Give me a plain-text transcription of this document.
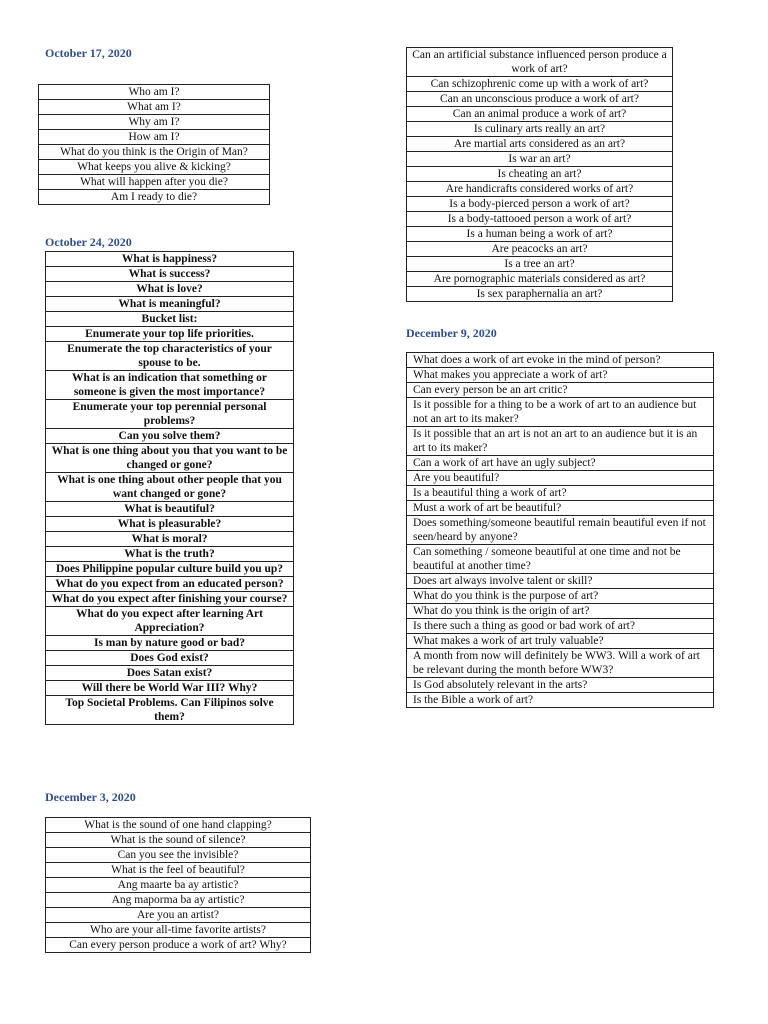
October 17, 2020
Who am I?
What am I?
Why am I?
How am I?
What do you think is the Origin of Man?
What keeps you alive & kicking?
What will happen after you die?
Am I ready to die?
October 24, 2020
What is happiness?
What is success?
What is love?
What is meaningful?
Bucket list:
Enumerate your top life priorities.
Enumerate the top characteristics of your spouse to be.
What is an indication that something or someone is given the most importance?
Enumerate your top perennial personal problems?
Can you solve them?
What is one thing about you that you want to be changed or gone?
What is one thing about other people that you want changed or gone?
What is beautiful?
What is pleasurable?
What is moral?
What is the truth?
Does Philippine popular culture build you up?
What do you expect from an educated person?
What do you expect after finishing your course?
What do you expect after learning Art Appreciation?
Is man by nature good or bad?
Does God exist?
Does Satan exist?
Will there be World War III? Why?
Top Societal Problems. Can Filipinos solve them?
December 3, 2020
What is the sound of one hand clapping?
What is the sound of silence?
Can you see the invisible?
What is the feel of beautiful?
Ang maarte ba ay artistic?
Ang maporma ba ay artistic?
Are you an artist?
Who are your all-time favorite artists?
Can every person produce a work of art? Why?
Can an artificial substance influenced person produce a work of art?
Can schizophrenic come up with a work of art?
Can an unconscious produce a work of art?
Can an animal produce a work of art?
Is culinary arts really an art?
Are martial arts considered as an art?
Is war an art?
Is cheating an art?
Are handicrafts considered works of art?
Is a body-pierced person a work of art?
Is a body-tattooed person a work of art?
Is a human being a work of art?
Are peacocks an art?
Is a tree an art?
Are pornographic materials considered as art?
Is sex paraphernalia an art?
December 9, 2020
What does a work of art evoke in the mind of person?
What makes you appreciate a work of art?
Can every person be an art critic?
Is it possible for a thing to be a work of art to an audience but not an art to its maker?
Is it possible that an art is not an art to an audience but it is an art to its maker?
Can a work of art have an ugly subject?
Are you beautiful?
Is a beautiful thing a work of art?
Must a work of art be beautiful?
Does something/someone beautiful remain beautiful even if not seen/heard by anyone?
Can something / someone beautiful at one time and not be beautiful at another time?
Does art always involve talent or skill?
What do you think is the purpose of art?
What do you think is the origin of art?
Is there such a thing as good or bad work of art?
What makes a work of art truly valuable?
A month from now will definitely be WW3. Will a work of art be relevant during the month before WW3?
Is God absolutely relevant in the arts?
Is the Bible a work of art?
